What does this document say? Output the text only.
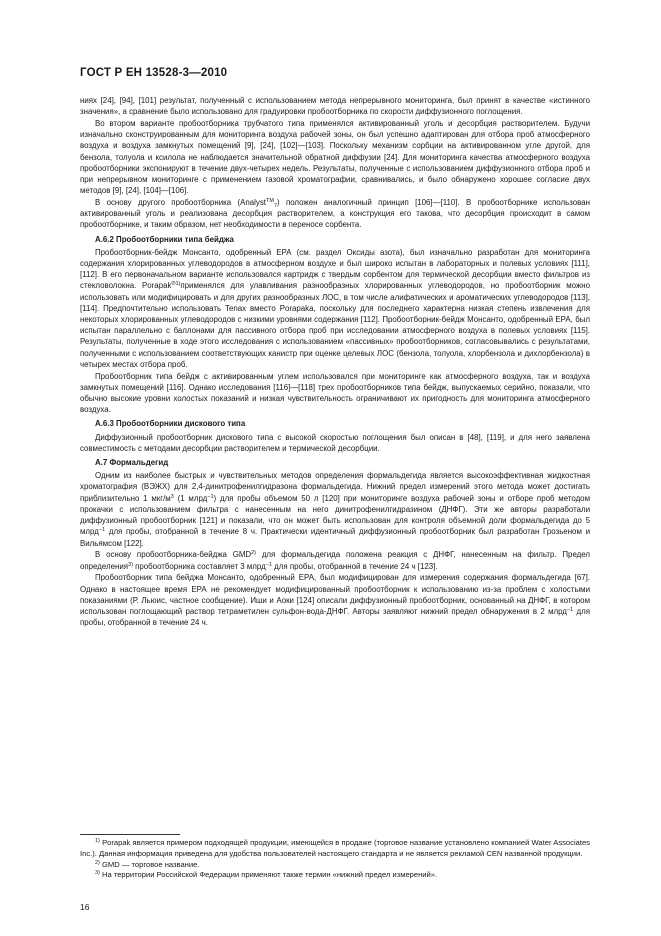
ГОСТ Р ЕН 13528-3—2010

ниях [24], [94], [101] результат, полученный с использованием метода непрерывного мониторинга, был принят в качестве «истинного значения», а сравнение было использовано для градуировки пробоотборника по скорости диффузионного поглощения.

Во втором варианте пробоотборника трубчатого типа применялся активированный уголь и десорбция растворителем. Будучи изначально сконструированным для мониторинга воздуха рабочей зоны, он был успешно адаптирован для отбора проб атмосферного воздуха и воздуха замкнутых помещений [9], [24], [102]—[103]. Поскольку механизм сорбции на активированном угле другой, для бензола, толуола и ксилола не наблюдается значительной обратной диффузии [24]. Для мониторинга качества атмосферного воздуха пробоотборники экспонируют в течение двух-четырех недель. Результаты, полученные с использованием диффузионного отбора проб и при непрерывном мониторинге с применением газовой хроматографии, сравнивались, и было обнаружено хорошее согласие двух методов [9], [24], [104]—[106].

В основу другого пробоотборника (Analyst™$_7$) положен аналогичный принцип [106]—[110]. В пробоотборнике использован активированный уголь и реализована десорбция растворителем, а конструкция его такова, что десорбция происходит в самом пробоотборнике, и таким образом, нет необходимости в переносе сорбента.

А.6.2 Пробоотборники типа бейджа

Пробоотборник-бейдж Монсанто, одобренный ЕРА (см. раздел Оксиды азота), был изначально разработан для мониторинга содержания хлорированных углеводородов в атмосферном воздухе и был широко испытан в лабораторных и полевых условиях [111], [112]. В его первоначальном варианте использовался картридж с твердым сорбентом для термической десорбции вместо фильтров из стекловолокна. Porapak$^{®1)}$применялся для улавливания разнообразных хлорированных углеводородов, но пробоотборник можно использовать или модифицировать и для других разнообразных ЛОС, в том числе алифатических и ароматических углеводородов [113], [114]. Предпочтительно использовать Tenax вместо Porapaka, поскольку для последнего характерна низкая степень извлечения для некоторых хлорированных углеводородов с низкими уровнями содержания [112]. Пробоотборник-бейдж Монсанто, одобренный ЕРА, был испытан параллельно с баллонами для пассивного отбора проб при исследовании атмосферного воздуха в полевых условиях [115]. Результаты, полученные в ходе этого исследования с использованием «пассивных» пробоотборников, согласовывались с результатами, полученными с использованием соответствующих канистр при оценке целевых ЛОС (бензола, толуола, хлорбензола и дихлорбензола) в четырех местах отбора проб.

Пробоотборник типа бейдж с активированным углем использовался при мониторинге как атмосферного воздуха, так и воздуха замкнутых помещений [116]. Однако исследования [116]—[118] трех пробоотборников типа бейдж, выпускаемых серийно, показали, что обычно высокие уровни холостых показаний и низкая чувствительность ограничивают их пригодность для мониторинга атмосферного воздуха.

А.6.3 Пробоотборники дискового типа

Диффузионный пробоотборник дискового типа с высокой скоростью поглощения был описан в [48], [119], и для него заявлена совместимость с методами десорбции растворителем и термической десорбции.

А.7 Формальдегид

Одним из наиболее быстрых и чувствительных методов определения формальдегида является высокоэффективная жидкостная хроматография (ВЭЖХ) для 2,4-динитрофенилгидразона формальдегида. Нижний предел измерений этого метода может достигать приблизительно 1 мкг/$м^3$ (1 млрд$^{-1}$) для пробы объемом 50 л [120] при мониторинге воздуха рабочей зоны и отборе проб методом прокачки с использованием фильтра с нанесенным на него динитрофенилгидразином (ДНФГ). Эти же авторы разработали диффузионный пробоотборник [121] и показали, что он может быть использован для контроля объемной доли формальдегида до 5 млрд$^{-1}$ для пробы, отобранной в течение 8 ч. Практически идентичный диффузионный пробоотборник был разработан Грозьеном и Вильямсом [122].

В основу пробоотборника-бейджа GMD$^{2)}$ для формальдегида положена реакция с ДНФГ, нанесенным на фильтр. Предел определения$^{3)}$ пробоотборника составляет 3 млрд$^{-1}$ для пробы, отобранной в течение 24 ч [123].

Пробоотборник типа бейджа Монсанто, одобренный ЕРА, был модифицирован для измерения содержания формальдегида [67]. Однако в настоящее время ЕРА не рекомендует модифицированный пробоотборник к использованию из-за проблем с холостыми показаниями (Р. Льюис, частное сообщение). Иши и Аоки [124] описали диффузионный пробоотборник, основанный на ДНФГ, в котором использован поглощающий раствор тетраметилен сульфон-вода-ДНФГ. Авторы заявляют нижний предел обнаружения в 2 млрд$^{-1}$ для пробы, отобранной в течение 24 ч.

$^{1)}$ Porapak является примером подходящей продукции, имеющейся в продаже (торговое название установлено компанией Water Associates Inc.). Данная информация приведена для удобства пользователей настоящего стандарта и не является рекламой CEN названной продукции.

$^{2)}$ GMD — торговое название.

$^{3)}$ На территории Российской Федерации применяют также термин «нижний предел измерений».

16
